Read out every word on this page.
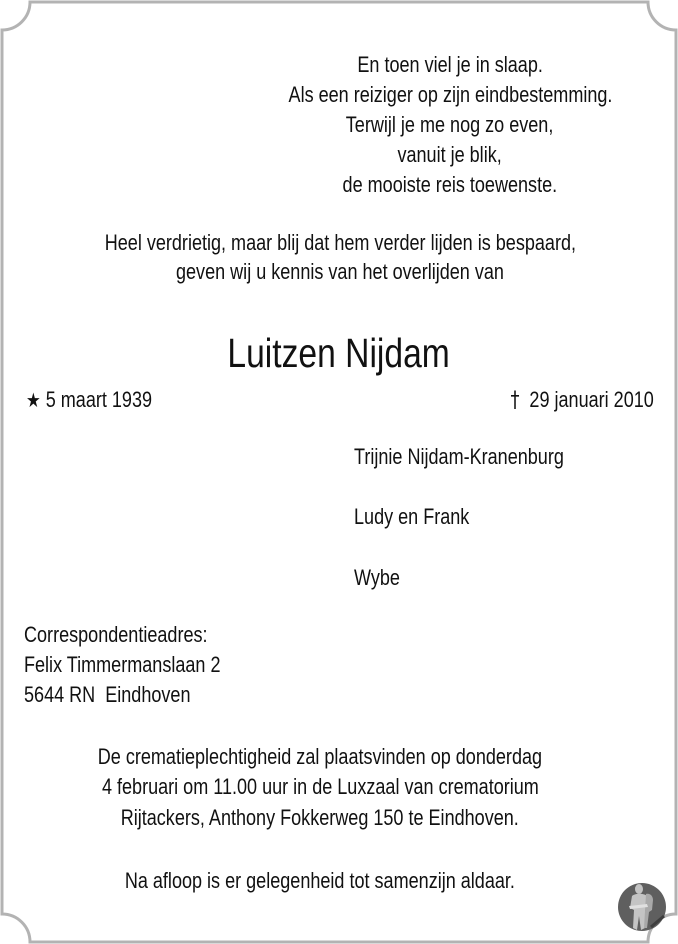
En toen viel je in slaap.
Als een reiziger op zijn eindbestemming.
Terwijl je me nog zo even,
vanuit je blik,
de mooiste reis toewenste.
Heel verdrietig, maar blij dat hem verder lijden is bespaard,
geven wij u kennis van het overlijden van
Luitzen Nijdam
★ 5 maart 1939	† 29 januari 2010
Trijnie Nijdam-Kranenburg
Ludy en Frank
Wybe
Correspondentieadres:
Felix Timmermanslaan 2
5644 RN  Eindhoven
De crematieplechtigheid zal plaatsvinden op donderdag
4 februari om 11.00 uur in de Luxzaal van crematorium
Rijtackers, Anthony Fokkerweg 150 te Eindhoven.
Na afloop is er gelegenheid tot samenzijn aldaar.
